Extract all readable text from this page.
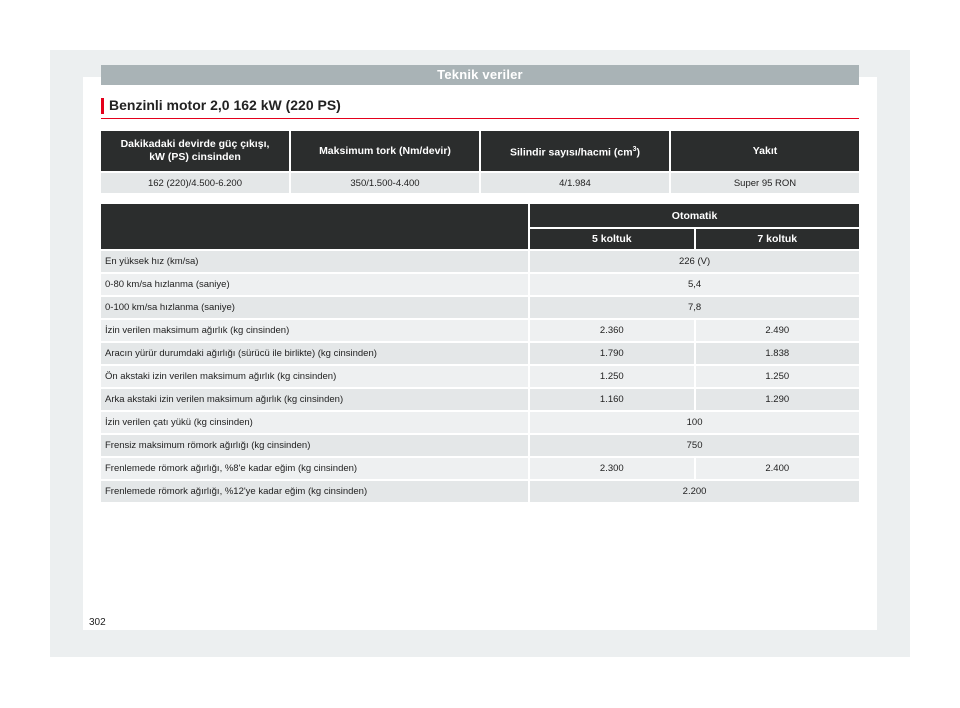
Teknik veriler
Benzinli motor 2,0 162 kW (220 PS)
Dakikadaki devirde güç çıkışı,
kW (PS) cinsinden	Maksimum tork (Nm/devir)	Silindir sayısı/hacmi $(cm^3)$	Yakıt
162 (220)/4.500-6.200	350/1.500-4.400	4/1.984	Super 95 RON
	Otomatik	
	5 koltuk	7 koltuk
En yüksek hız (km/sa)	226 (V)	
0-80 km/sa hızlanma (saniye)	5,4	
0-100 km/sa hızlanma (saniye)	7,8	
İzin verilen maksimum ağırlık (kg cinsinden)	2.360	2.490
Aracın yürür durumdaki ağırlığı (sürücü ile birlikte) (kg cinsinden)	1.790	1.838
Ön akstaki izin verilen maksimum ağırlık (kg cinsinden)	1.250	1.250
Arka akstaki izin verilen maksimum ağırlık (kg cinsinden)	1.160	1.290
İzin verilen çatı yükü (kg cinsinden)	100	
Frensiz maksimum römork ağırlığı (kg cinsinden)	750	
Frenlemede römork ağırlığı, %8'e kadar eğim (kg cinsinden)	2.300	2.400
Frenlemede römork ağırlığı, %12'ye kadar eğim (kg cinsinden)	2.200	
302
